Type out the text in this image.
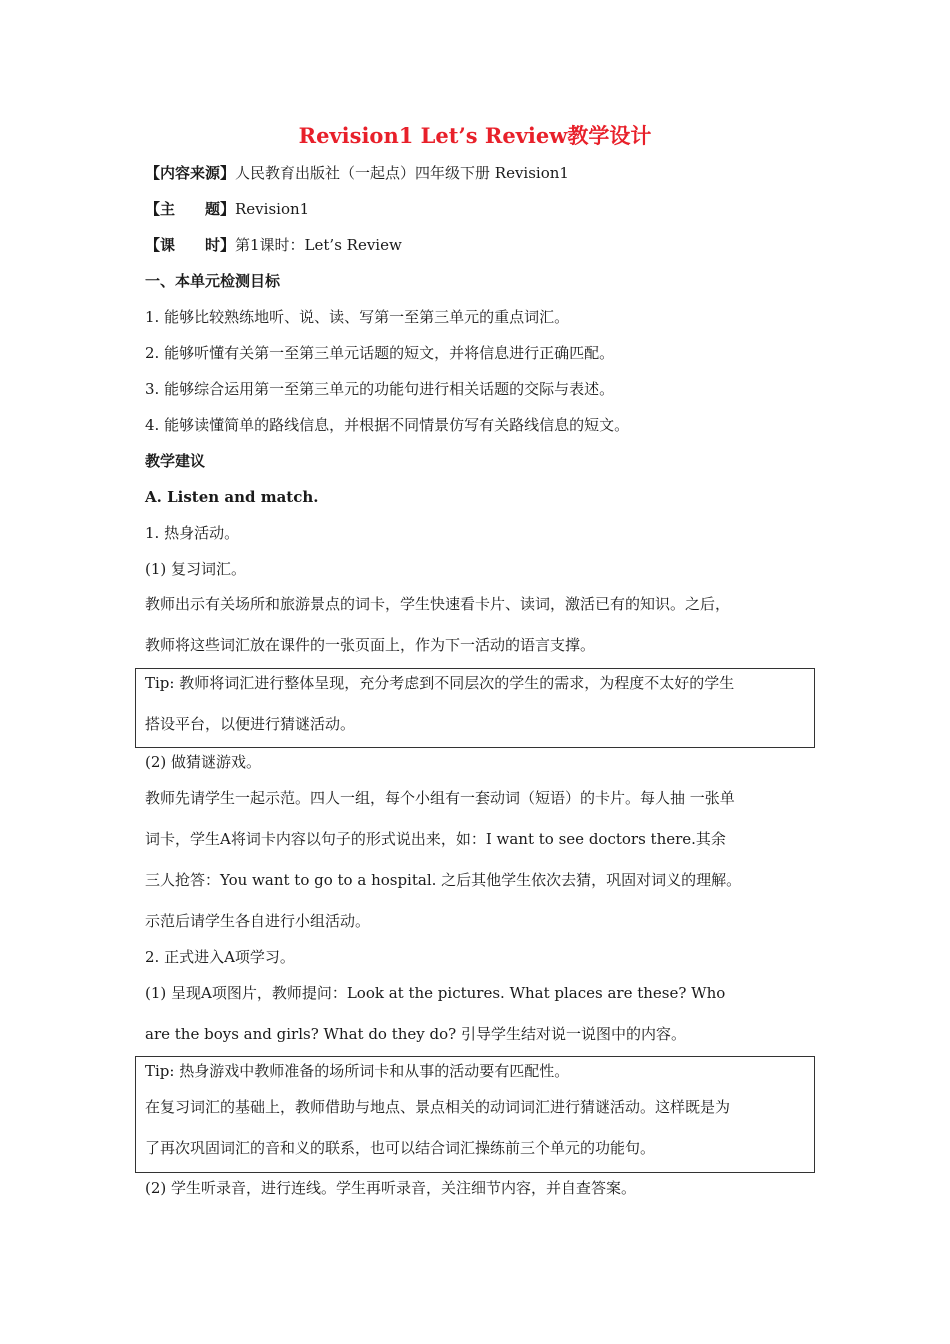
Revision1 Let’s Review教学设计
【内容来源】人民教育出版社（一起点）四年级下册 Revision1
【主　　题】Revision1
【课　　时】第1课时：Let’s Review
一、本单元检测目标
1. 能够比较熟练地听、说、读、写第一至第三单元的重点词汇。
2. 能够听懂有关第一至第三单元话题的短文，并将信息进行正确匹配。
3. 能够综合运用第一至第三单元的功能句进行相关话题的交际与表述。
4. 能够读懂简单的路线信息，并根据不同情景仿写有关路线信息的短文。
教学建议
A. Listen and match.
1. 热身活动。
(1) 复习词汇。
教师出示有关场所和旅游景点的词卡，学生快速看卡片、读词，激活已有的知识。之后，
教师将这些词汇放在课件的一张页面上，作为下一活动的语言支撑。
Tip: 教师将词汇进行整体呈现，充分考虑到不同层次的学生的需求，为程度不太好的学生
搭设平台，以便进行猜谜活动。
(2) 做猜谜游戏。
教师先请学生一起示范。四人一组，每个小组有一套动词（短语）的卡片。每人抽 一张单
词卡，学生A将词卡内容以句子的形式说出来，如：I want to see doctors there.其余
三人抢答：You want to go to a hospital. 之后其他学生依次去猜，巩固对词义的理解。
示范后请学生各自进行小组活动。
2. 正式进入A项学习。
(1) 呈现A项图片，教师提问：Look at the pictures. What places are these? Who
are the boys and girls? What do they do? 引导学生结对说一说图中的内容。
Tip: 热身游戏中教师准备的场所词卡和从事的活动要有匹配性。
在复习词汇的基础上，教师借助与地点、景点相关的动词词汇进行猜谜活动。这样既是为
了再次巩固词汇的音和义的联系，也可以结合词汇操练前三个单元的功能句。
(2) 学生听录音，进行连线。学生再听录音，关注细节内容，并自查答案。
